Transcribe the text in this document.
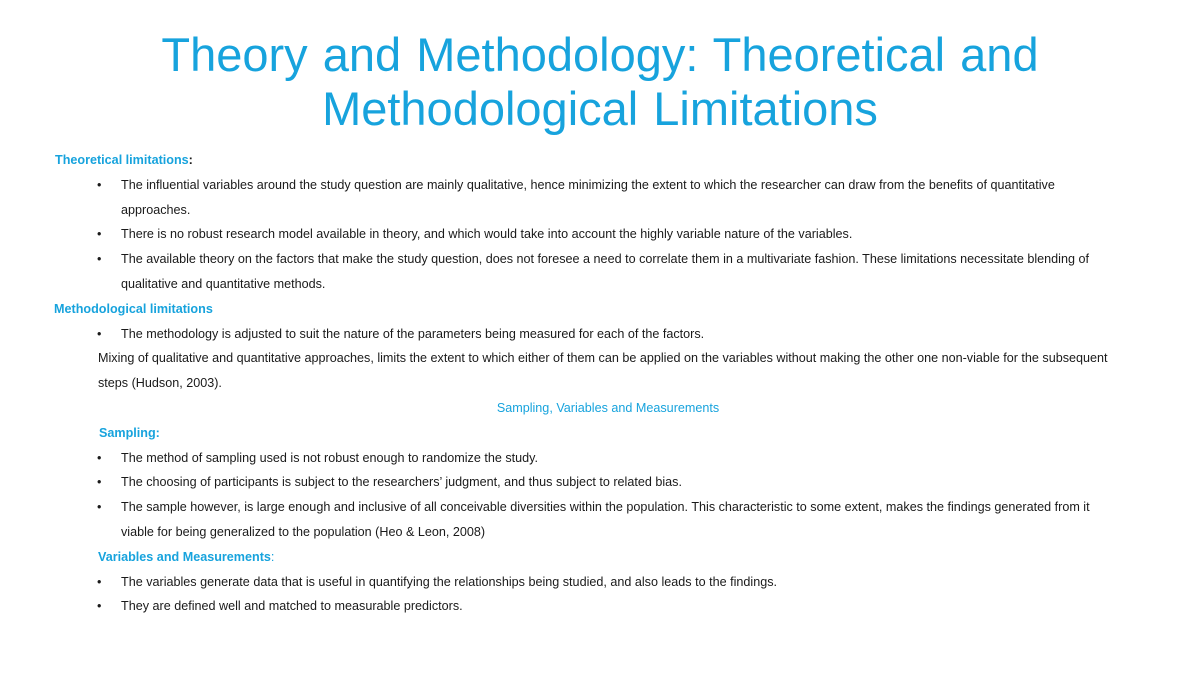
Theory and Methodology: Theoretical and Methodological Limitations
Theoretical limitations:
• The influential variables around the study question are mainly qualitative, hence minimizing the extent to which the researcher can draw from the benefits of quantitative approaches.
• There is no robust research model available in theory, and which would take into account the highly variable nature of the variables.
• The available theory on the factors that make the study question, does not foresee a need to correlate them in a multivariate fashion. These limitations necessitate blending of qualitative and quantitative methods.
Methodological limitations
• The methodology is adjusted to suit the nature of the parameters being measured for each of the factors.
Mixing of qualitative and quantitative approaches, limits the extent to which either of them can be applied on the variables without making the other one non-viable for the subsequent steps (Hudson, 2003).
Sampling, Variables and Measurements
Sampling:
• The method of sampling used is not robust enough to randomize the study.
• The choosing of participants is subject to the researchers’ judgment, and thus subject to related bias.
• The sample however, is large enough and inclusive of all conceivable diversities within the population. This characteristic to some extent, makes the findings generated from it viable for being generalized to the population (Heo & Leon, 2008)
Variables and Measurements:
• The variables generate data that is useful in quantifying the relationships being studied, and also leads to the findings.
• They are defined well and matched to measurable predictors.
